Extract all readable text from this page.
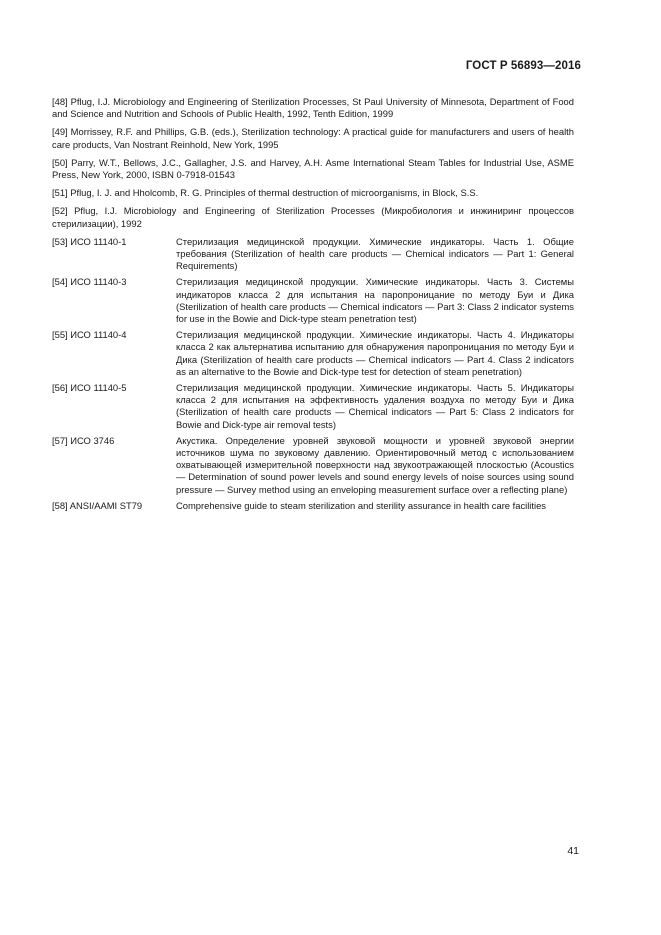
ГОСТ Р 56893—2016

[48] Pflug, I.J. Microbiology and Engineering of Sterilization Processes, St Paul University of Minnesota, Department of Food and Science and Nutrition and Schools of Public Health, 1992, Tenth Edition, 1999

[49] Morrissey, R.F. and Phillips, G.B. (eds.), Sterilization technology: A practical guide for manufacturers and users of health care products, Van Nostrant Reinhold, New York, 1995

[50] Parry, W.T., Bellows, J.C., Gallagher, J.S. and Harvey, A.H. Asme International Steam Tables for Industrial Use, ASME Press, New York, 2000, ISBN 0-7918-01543

[51] Pflug, I. J. and Hholcomb, R. G. Principles of thermal destruction of microorganisms, in Block, S.S.

[52] Pflug, I.J. Microbiology and Engineering of Sterilization Processes (Микробиология и инжиниринг процессов стерилизации), 1992

[53] ИСО 11140-1	Стерилизация медицинской продукции. Химические индикаторы. Часть 1. Общие требования (Sterilization of health care products — Chemical indicators — Part 1: General Requirements)
[54] ИСО 11140-3	Стерилизация медицинской продукции. Химические индикаторы. Часть 3. Системы индикаторов класса 2 для испытания на паропроницание по методу Буи и Дика (Sterilization of health care products — Chemical indicators — Part 3: Class 2 indicator systems for use in the Bowie and Dick-type steam penetration test)
[55] ИСО 11140-4	Стерилизация медицинской продукции. Химические индикаторы. Часть 4. Индикаторы класса 2 как альтернатива испытанию для обнаружения паропроницания по методу Буи и Дика (Sterilization of health care products — Chemical indicators — Part 4. Class 2 indicators as an alternative to the Bowie and Dick-type test for detection of steam penetration)
[56] ИСО 11140-5	Стерилизация медицинской продукции. Химические индикаторы. Часть 5. Индикаторы класса 2 для испытания на эффективность удаления воздуха по методу Буи и Дика (Sterilization of health care products — Chemical indicators — Part 5: Class 2 indicators for Bowie and Dick-type air removal tests)
[57] ИСО 3746	Акустика. Определение уровней звуковой мощности и уровней звуковой энергии источников шума по звуковому давлению. Ориентировочный метод с использованием охватывающей измерительной поверхности над звукоотражающей плоскостью (Acoustics — Determination of sound power levels and sound energy levels of noise sources using sound pressure — Survey method using an enveloping measurement surface over a reflecting plane)
[58] ANSI/AAMI ST79	Comprehensive guide to steam sterilization and sterility assurance in health care facilities
41
